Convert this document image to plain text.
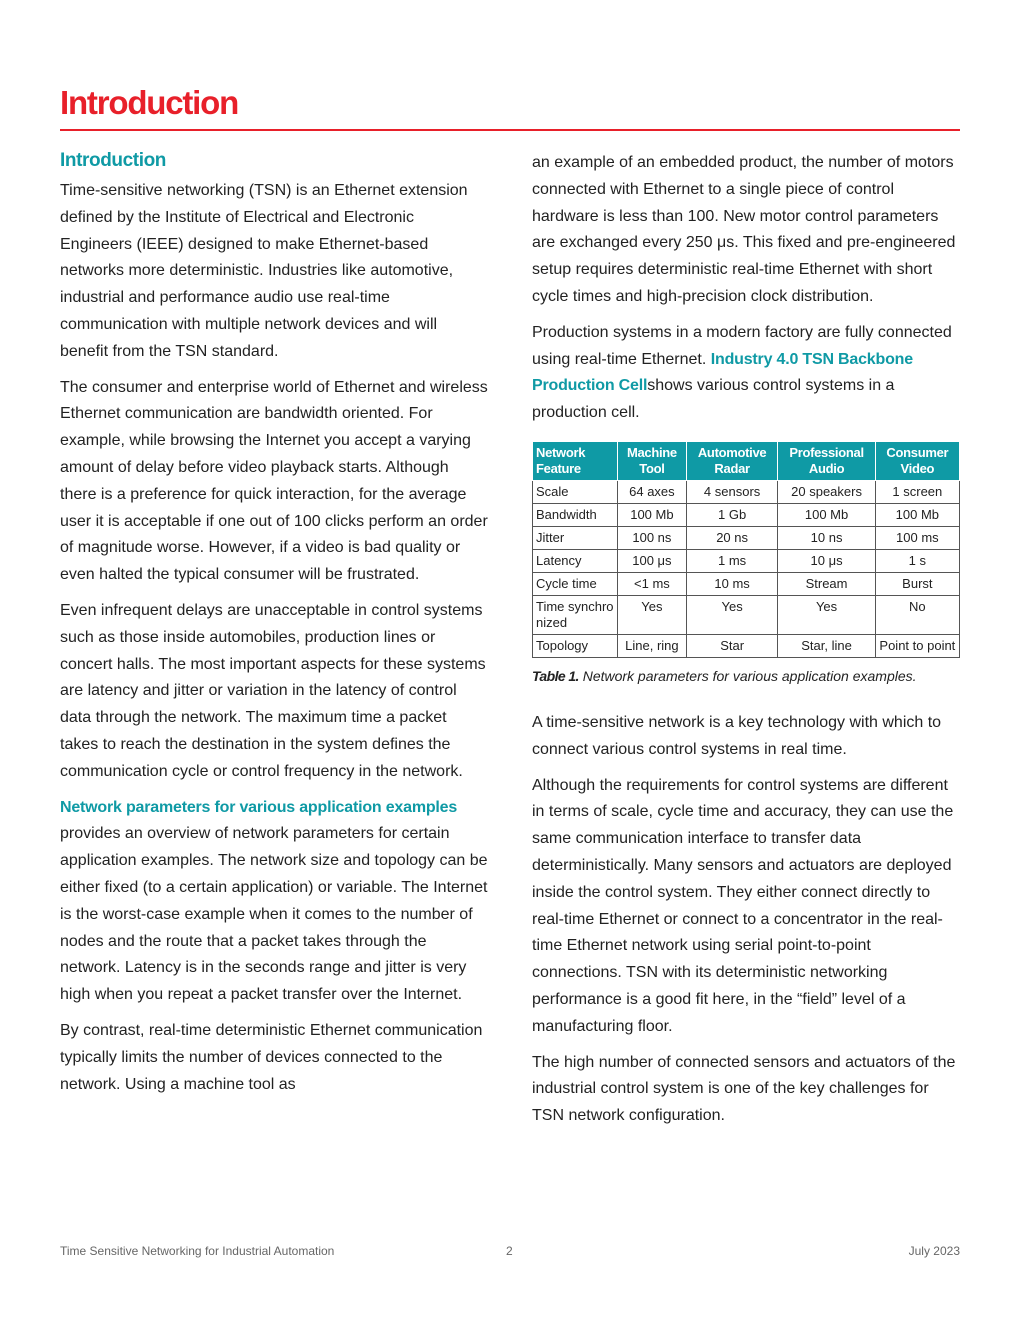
Introduction
Introduction

Time-sensitive networking (TSN) is an Ethernet extension defined by the Institute of Electrical and Electronic Engineers (IEEE) designed to make Ethernet-based networks more deterministic. Industries like automotive, industrial and performance audio use real-time communication with multiple network devices and will benefit from the TSN standard.

The consumer and enterprise world of Ethernet and wireless Ethernet communication are bandwidth oriented. For example, while browsing the Internet you accept a varying amount of delay before video playback starts. Although there is a preference for quick interaction, for the average user it is acceptable if one out of 100 clicks perform an order of magnitude worse. However, if a video is bad quality or even halted the typical consumer will be frustrated.

Even infrequent delays are unacceptable in control systems such as those inside automobiles, production lines or concert halls. The most important aspects for these systems are latency and jitter or variation in the latency of control data through the network. The maximum time a packet takes to reach the destination in the system defines the communication cycle or control frequency in the network.

Network parameters for various application examples provides an overview of network parameters for certain application examples. The network size and topology can be either fixed (to a certain application) or variable. The Internet is the worst-case example when it comes to the number of nodes and the route that a packet takes through the network. Latency is in the seconds range and jitter is very high when you repeat a packet transfer over the Internet.

By contrast, real-time deterministic Ethernet communication typically limits the number of devices connected to the network. Using a machine tool as

an example of an embedded product, the number of motors connected with Ethernet to a single piece of control hardware is less than 100. New motor control parameters are exchanged every 250 μs. This fixed and pre-engineered setup requires deterministic real-time Ethernet with short cycle times and high-precision clock distribution.

Production systems in a modern factory are fully connected using real-time Ethernet. Industry 4.0 TSN Backbone Production Cellshows various control systems in a production cell.

Network Feature	Machine Tool	Automotive Radar	Professional Audio	Consumer Video
Scale	64 axes	4 sensors	20 speakers	1 screen
Bandwidth	100 Mb	1 Gb	100 Mb	100 Mb
Jitter	100 ns	20 ns	10 ns	100 ms
Latency	100 μs	1 ms	10 μs	1 s
Cycle time	<1 ms	10 ms	Stream	Burst
Time synchronized	Yes	Yes	Yes	No
Topology	Line, ring	Star	Star, line	Point to point
Table 1. Network parameters for various application examples.

A time-sensitive network is a key technology with which to connect various control systems in real time.

Although the requirements for control systems are different in terms of scale, cycle time and accuracy, they can use the same communication interface to transfer data deterministically. Many sensors and actuators are deployed inside the control system. They either connect directly to real-time Ethernet or connect to a concentrator in the real-time Ethernet network using serial point-to-point connections. TSN with its deterministic networking performance is a good fit here, in the “field” level of a manufacturing floor.

The high number of connected sensors and actuators of the industrial control system is one of the key challenges for TSN network configuration.

Time Sensitive Networking for Industrial Automation	2	July 2023
